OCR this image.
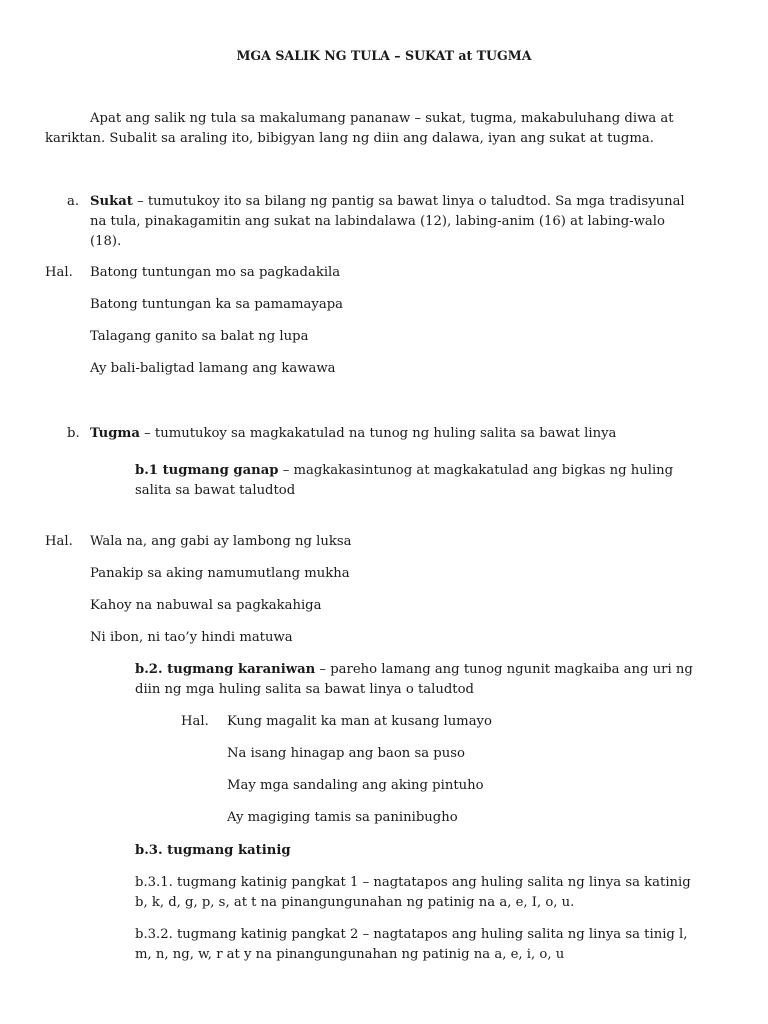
MGA SALIK NG TULA – SUKAT at TUGMA
Apat ang salik ng tula sa makalumang pananaw – sukat, tugma, makabuluhang diwa at
kariktan. Subalit sa araling ito, bibigyan lang ng diin ang dalawa, iyan ang sukat at tugma.
a. Sukat – tumutukoy ito sa bilang ng pantig sa bawat linya o taludtod. Sa mga tradisyunal
na tula, pinakagamitin ang sukat na labindalawa (12), labing-anim (16) at labing-walo
(18).
Hal. Batong tuntungan mo sa pagkadakila
Batong tuntungan ka sa pamamayapa
Talagang ganito sa balat ng lupa
Ay bali-baligtad lamang ang kawawa
b. Tugma – tumutukoy sa magkakatulad na tunog ng huling salita sa bawat linya
b.1 tugmang ganap – magkakasintunog at magkakatulad ang bigkas ng huling
salita sa bawat taludtod
Hal. Wala na, ang gabi ay lambong ng luksa
Panakip sa aking namumutlang mukha
Kahoy na nabuwal sa pagkakahiga
Ni ibon, ni tao’y hindi matuwa
b.2. tugmang karaniwan – pareho lamang ang tunog ngunit magkaiba ang uri ng
diin ng mga huling salita sa bawat linya o taludtod
Hal. Kung magalit ka man at kusang lumayo
Na isang hinagap ang baon sa puso
May mga sandaling ang aking pintuho
Ay magiging tamis sa paninibugho
b.3. tugmang katinig
b.3.1. tugmang katinig pangkat 1 – nagtatapos ang huling salita ng linya sa katinig
b, k, d, g, p, s, at t na pinangungunahan ng patinig na a, e, I, o, u.
b.3.2. tugmang katinig pangkat 2 – nagtatapos ang huling salita ng linya sa tinig l,
m, n, ng, w, r at y na pinangungunahan ng patinig na a, e, i, o, u
